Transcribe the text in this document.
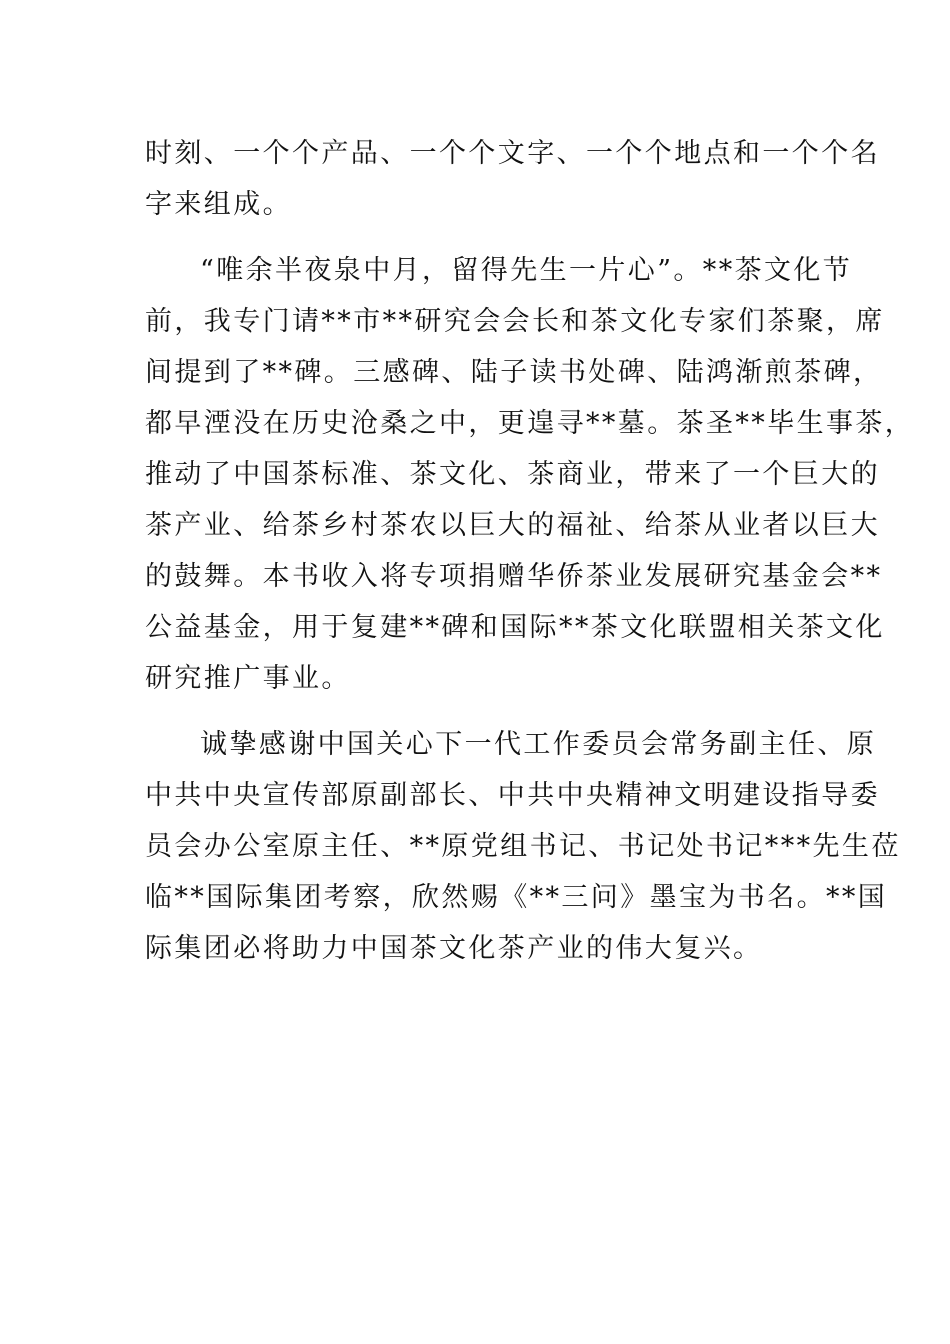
时刻、一个个产品、一个个文字、一个个地点和一个个名
字来组成。
“唯余半夜泉中月，留得先生一片心”。**茶文化节
前，我专门请**市**研究会会长和茶文化专家们茶聚，席
间提到了**碑。三感碑、陆子读书处碑、陆鸿渐煎茶碑，
都早湮没在历史沧桑之中，更遑寻**墓。茶圣**毕生事茶，
推动了中国茶标准、茶文化、茶商业，带来了一个巨大的
茶产业、给茶乡村茶农以巨大的福祉、给茶从业者以巨大
的鼓舞。本书收入将专项捐赠华侨茶业发展研究基金会**
公益基金，用于复建**碑和国际**茶文化联盟相关茶文化
研究推广事业。
诚挚感谢中国关心下一代工作委员会常务副主任、原
中共中央宣传部原副部长、中共中央精神文明建设指导委
员会办公室原主任、**原党组书记、书记处书记***先生莅
临**国际集团考察，欣然赐《**三问》墨宝为书名。**国
际集团必将助力中国茶文化茶产业的伟大复兴。
